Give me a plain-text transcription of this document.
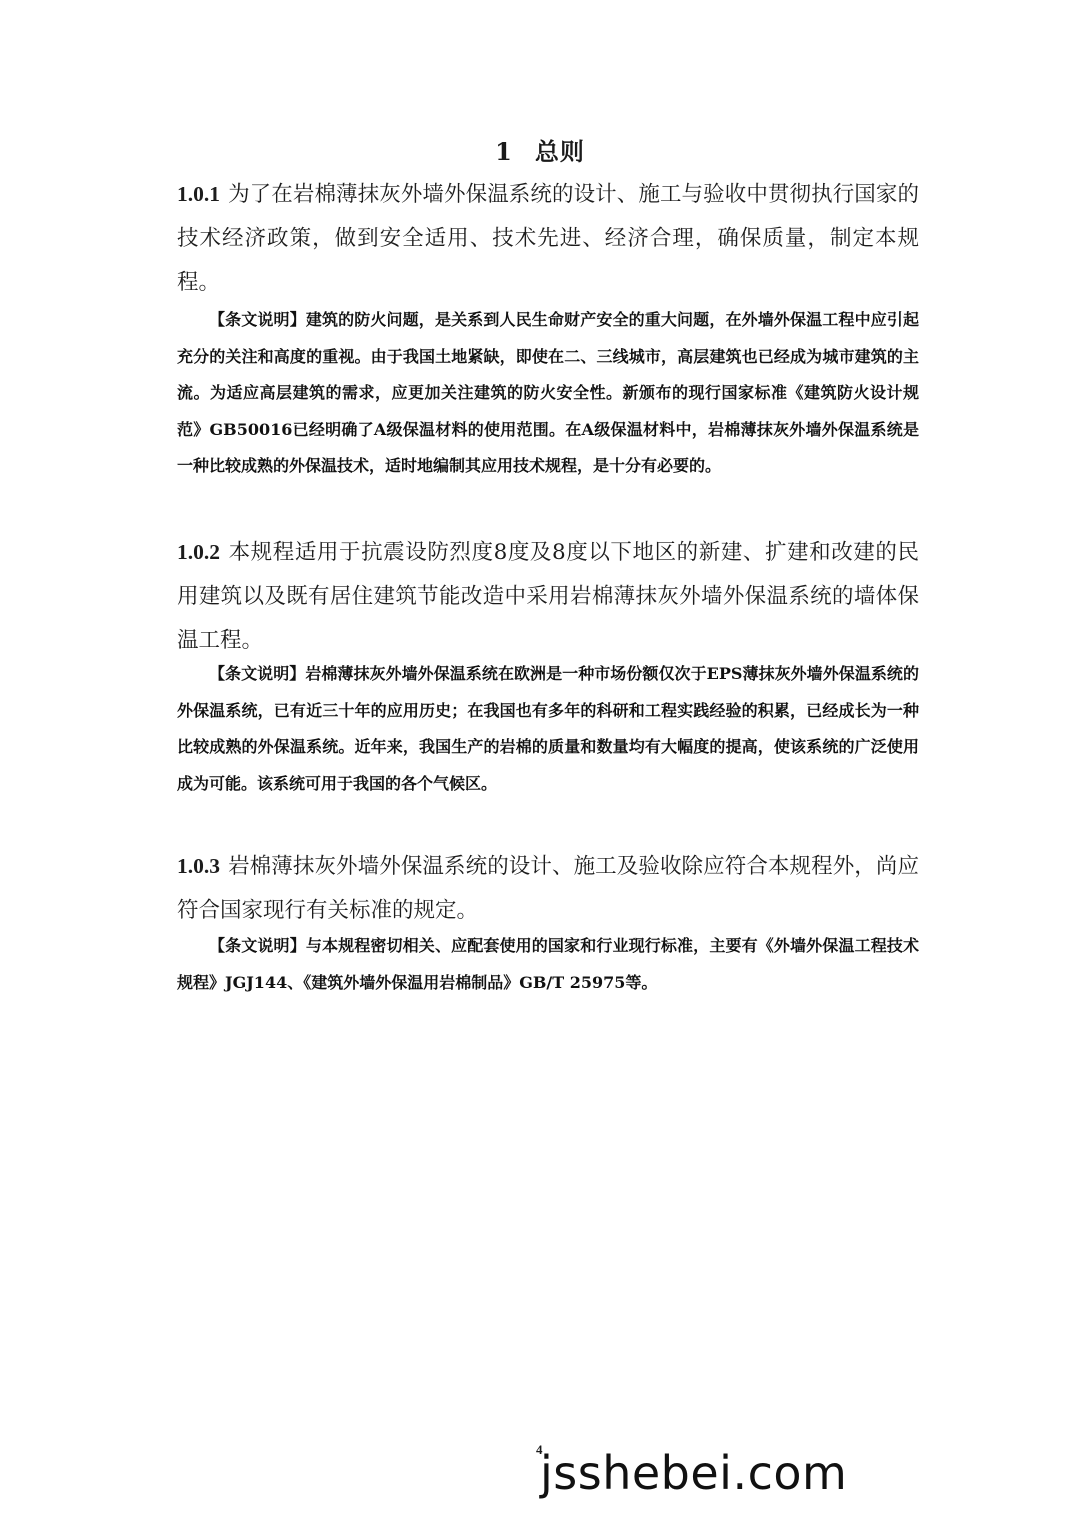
1 总则
1.0.1 为了在岩棉薄抹灰外墙外保温系统的设计、施工与验收中贯彻执行国家的技术经济政策，做到安全适用、技术先进、经济合理，确保质量，制定本规程。
【条文说明】建筑的防火问题，是关系到人民生命财产安全的重大问题，在外墙外保温工程中应引起充分的关注和高度的重视。由于我国土地紧缺，即使在二、三线城市，高层建筑也已经成为城市建筑的主流。为适应高层建筑的需求，应更加关注建筑的防火安全性。新颁布的现行国家标准《建筑防火设计规范》GB50016已经明确了A级保温材料的使用范围。在A级保温材料中，岩棉薄抹灰外墙外保温系统是一种比较成熟的外保温技术，适时地编制其应用技术规程，是十分有必要的。
1.0.2 本规程适用于抗震设防烈度8度及8度以下地区的新建、扩建和改建的民用建筑以及既有居住建筑节能改造中采用岩棉薄抹灰外墙外保温系统的墙体保温工程。
【条文说明】岩棉薄抹灰外墙外保温系统在欧洲是一种市场份额仅次于EPS薄抹灰外墙外保温系统的外保温系统，已有近三十年的应用历史；在我国也有多年的科研和工程实践经验的积累，已经成长为一种比较成熟的外保温系统。近年来，我国生产的岩棉的质量和数量均有大幅度的提高，使该系统的广泛使用成为可能。该系统可用于我国的各个气候区。
1.0.3 岩棉薄抹灰外墙外保温系统的设计、施工及验收除应符合本规程外，尚应符合国家现行有关标准的规定。
【条文说明】与本规程密切相关、应配套使用的国家和行业现行标准，主要有《外墙外保温工程技术规程》JGJ144、《建筑外墙外保温用岩棉制品》GB/T 25975等。
4
jsshebei.com
